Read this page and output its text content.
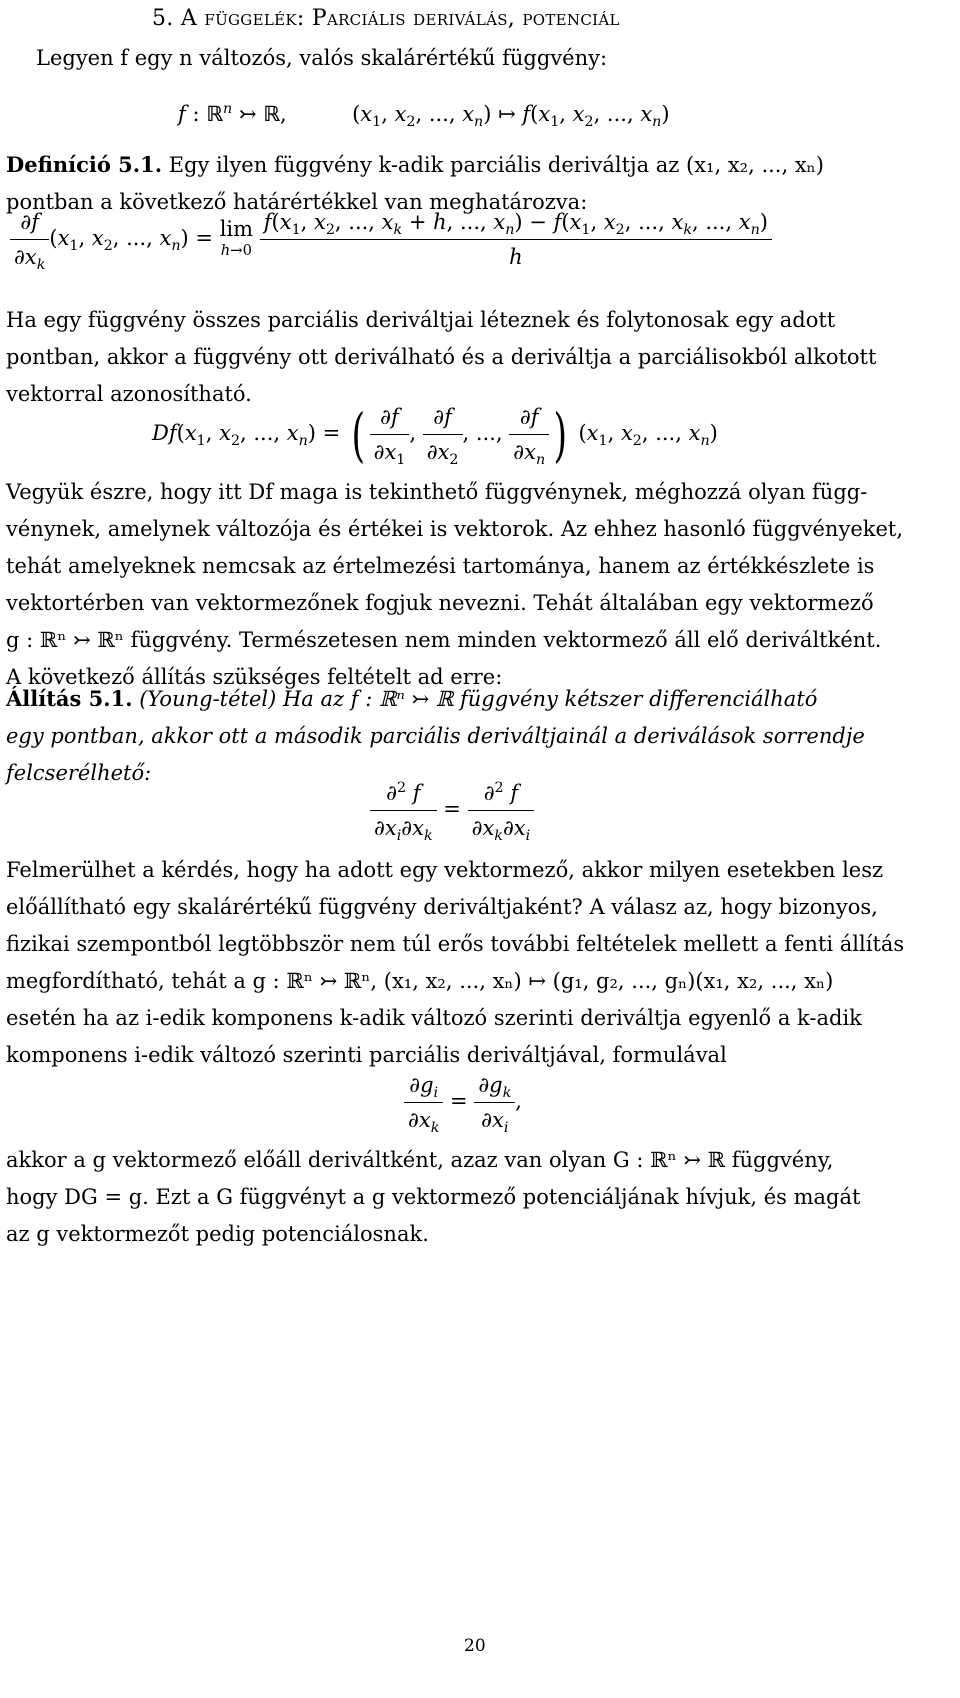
5. A függelék: Parciális deriválás, potenciál
Legyen f egy n változós, valós skalárértékű függvény:
f : ℝ$^n$ ↣ ℝ,  ($x_1$, $x_2$, ..., $x_n$) ↦ $f(x_1$, $x_2$, ..., $x_n$)
Definíció 5.1. Egy ilyen függvény k-adik parciális deriváltja az (x₁, x₂, ..., xₙ)
pontban a következő határértékkel van meghatározva:
$\frac{\partial f}{\partial x_k} (x_1$, $x_2$, ..., $x_n) = \lim$
h→0

$f(x_1$, $x_2$, ..., $x_k + h$, ..., $x_n) - f(x_1$, $x_2$, ..., $x_k$, ..., $x_n$)
h
Ha egy függvény összes parciális deriváltjai léteznek és folytonosak egy adott
pontban, akkor a függvény ott deriválható és a deriváltja a parciálisokból alkotott
vektorral azonosítható.
$Df(x_1$, $x_2$, ..., $x_n$) = ( $\frac{\partial f}{\partial x_1}$ , $\frac{\partial f}{\partial x_2}$ , ..., $\frac{\partial f}{\partial x_n}$ ) ($x_1$, $x_2$, ..., $x_n$)
Vegyük észre, hogy itt Df maga is tekinthető függvénynek, méghozzá olyan függ-
vénynek, amelynek változója és értékei is vektorok. Az ehhez hasonló függvényeket,
tehát amelyeknek nemcsak az értelmezési tartománya, hanem az értékkészlete is
vektortérben van vektormezőnek fogjuk nevezni. Tehát általában egy vektormező
g : ℝⁿ ↣ ℝⁿ függvény. Természetesen nem minden vektormező áll elő deriváltként.
A következő állítás szükséges feltételt ad erre:
Állítás 5.1. (Young-tétel) Ha az f : ℝⁿ ↣ ℝ függvény kétszer differenciálható
egy pontban, akkor ott a második parciális deriváltjainál a deriválások sorrendje
felcserélhető:
$\frac{\partial^2 f}{\partial x_i\partial x_k} = \frac{\partial^2 f}{\partial x_k\partial x_i}$
Felmerülhet a kérdés, hogy ha adott egy vektormező, akkor milyen esetekben lesz
előállítható egy skalárértékű függvény deriváltjaként? A válasz az, hogy bizonyos,
fizikai szempontból legtöbbször nem túl erős további feltételek mellett a fenti állítás
megfordítható, tehát a g : ℝⁿ ↣ ℝⁿ, (x₁, x₂, ..., xₙ) ↦ (g₁, g₂, ..., gₙ)(x₁, x₂, ..., xₙ)
esetén ha az i-edik komponens k-adik változó szerinti deriváltja egyenlő a k-adik
komponens i-edik változó szerinti parciális deriváltjával, formulával
$\frac{\partial g_i}{\partial x_k} = \frac{\partial g_k}{\partial x_i}$ ,
akkor a g vektormező előáll deriváltként, azaz van olyan G : ℝⁿ ↣ ℝ függvény,
hogy DG = g. Ezt a G függvényt a g vektormező potenciáljának hívjuk, és magát
az g vektormezőt pedig potenciálosnak.
20
